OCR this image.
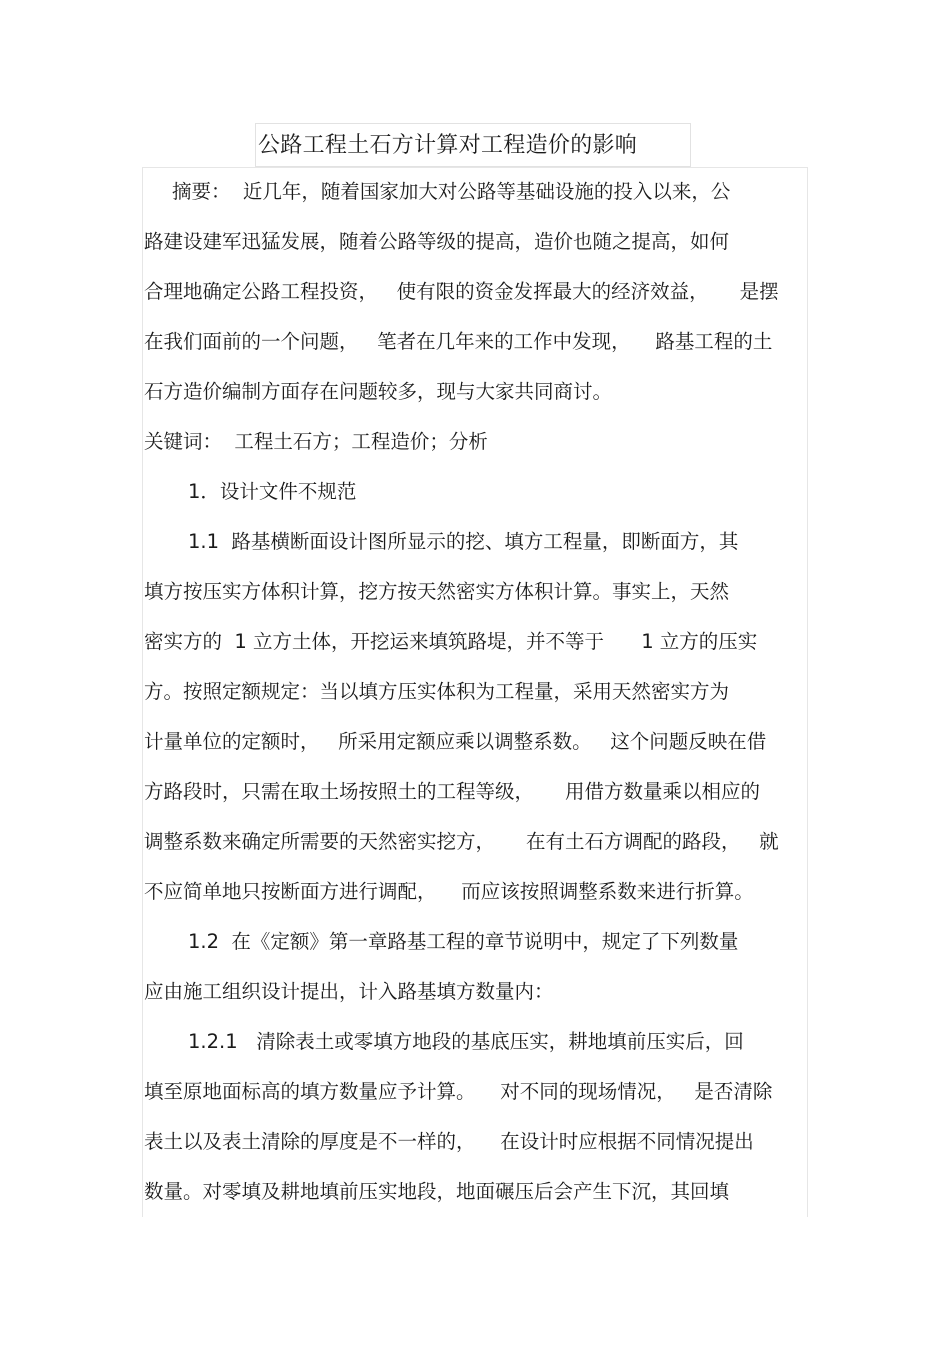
公路工程土石方计算对工程造价的影响
摘要：  近几年，随着国家加大对公路等基础设施的投入以来，公
路建设建军迅猛发展，随着公路等级的提高，造价也随之提高，如何
合理地确定公路工程投资，   使有限的资金发挥最大的经济效益，     是摆
在我们面前的一个问题，   笔者在几年来的工作中发现，    路基工程的土
石方造价编制方面存在问题较多，现与大家共同商讨。
关键词：  工程土石方；工程造价；分析
1．设计文件不规范
1.1  路基横断面设计图所显示的挖、填方工程量，即断面方，其
填方按压实方体积计算，挖方按天然密实方体积计算。事实上，天然
密实方的  1 立方土体，开挖运来填筑路堤，并不等于      1 立方的压实
方。按照定额规定：当以填方压实体积为工程量，采用天然密实方为
计量单位的定额时，   所采用定额应乘以调整系数。   这个问题反映在借
方路段时，只需在取土场按照土的工程等级，     用借方数量乘以相应的
调整系数来确定所需要的天然密实挖方，     在有土石方调配的路段，   就
不应简单地只按断面方进行调配，    而应该按照调整系数来进行折算。
1.2  在《定额》第一章路基工程的章节说明中，规定了下列数量
应由施工组织设计提出，计入路基填方数量内：
1.2.1   清除表土或零填方地段的基底压实，耕地填前压实后，回
填至原地面标高的填方数量应予计算。    对不同的现场情况，   是否清除
表土以及表土清除的厚度是不一样的，    在设计时应根据不同情况提出
数量。对零填及耕地填前压实地段，地面碾压后会产生下沉，其回填
